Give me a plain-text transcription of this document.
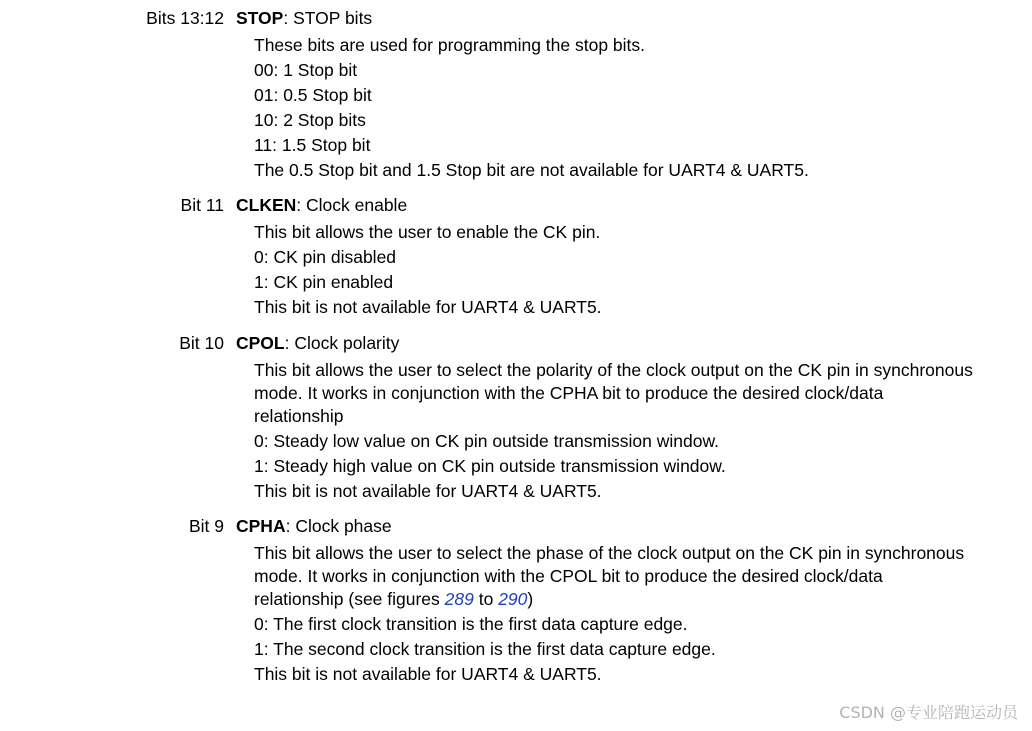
Bits 13:12 STOP: STOP bits
These bits are used for programming the stop bits.
00: 1 Stop bit
01: 0.5 Stop bit
10: 2 Stop bits
11: 1.5 Stop bit
The 0.5 Stop bit and 1.5 Stop bit are not available for UART4 & UART5.
Bit 11 CLKEN: Clock enable
This bit allows the user to enable the CK pin.
0: CK pin disabled
1: CK pin enabled
This bit is not available for UART4 & UART5.
Bit 10 CPOL: Clock polarity
This bit allows the user to select the polarity of the clock output on the CK pin in synchronous
mode. It works in conjunction with the CPHA bit to produce the desired clock/data
relationship
0: Steady low value on CK pin outside transmission window.
1: Steady high value on CK pin outside transmission window.
This bit is not available for UART4 & UART5.
Bit 9 CPHA: Clock phase
This bit allows the user to select the phase of the clock output on the CK pin in synchronous
mode. It works in conjunction with the CPOL bit to produce the desired clock/data
relationship (see figures 289 to 290)
0: The first clock transition is the first data capture edge.
1: The second clock transition is the first data capture edge.
This bit is not available for UART4 & UART5.
CSDN @专业陪跑运动员
